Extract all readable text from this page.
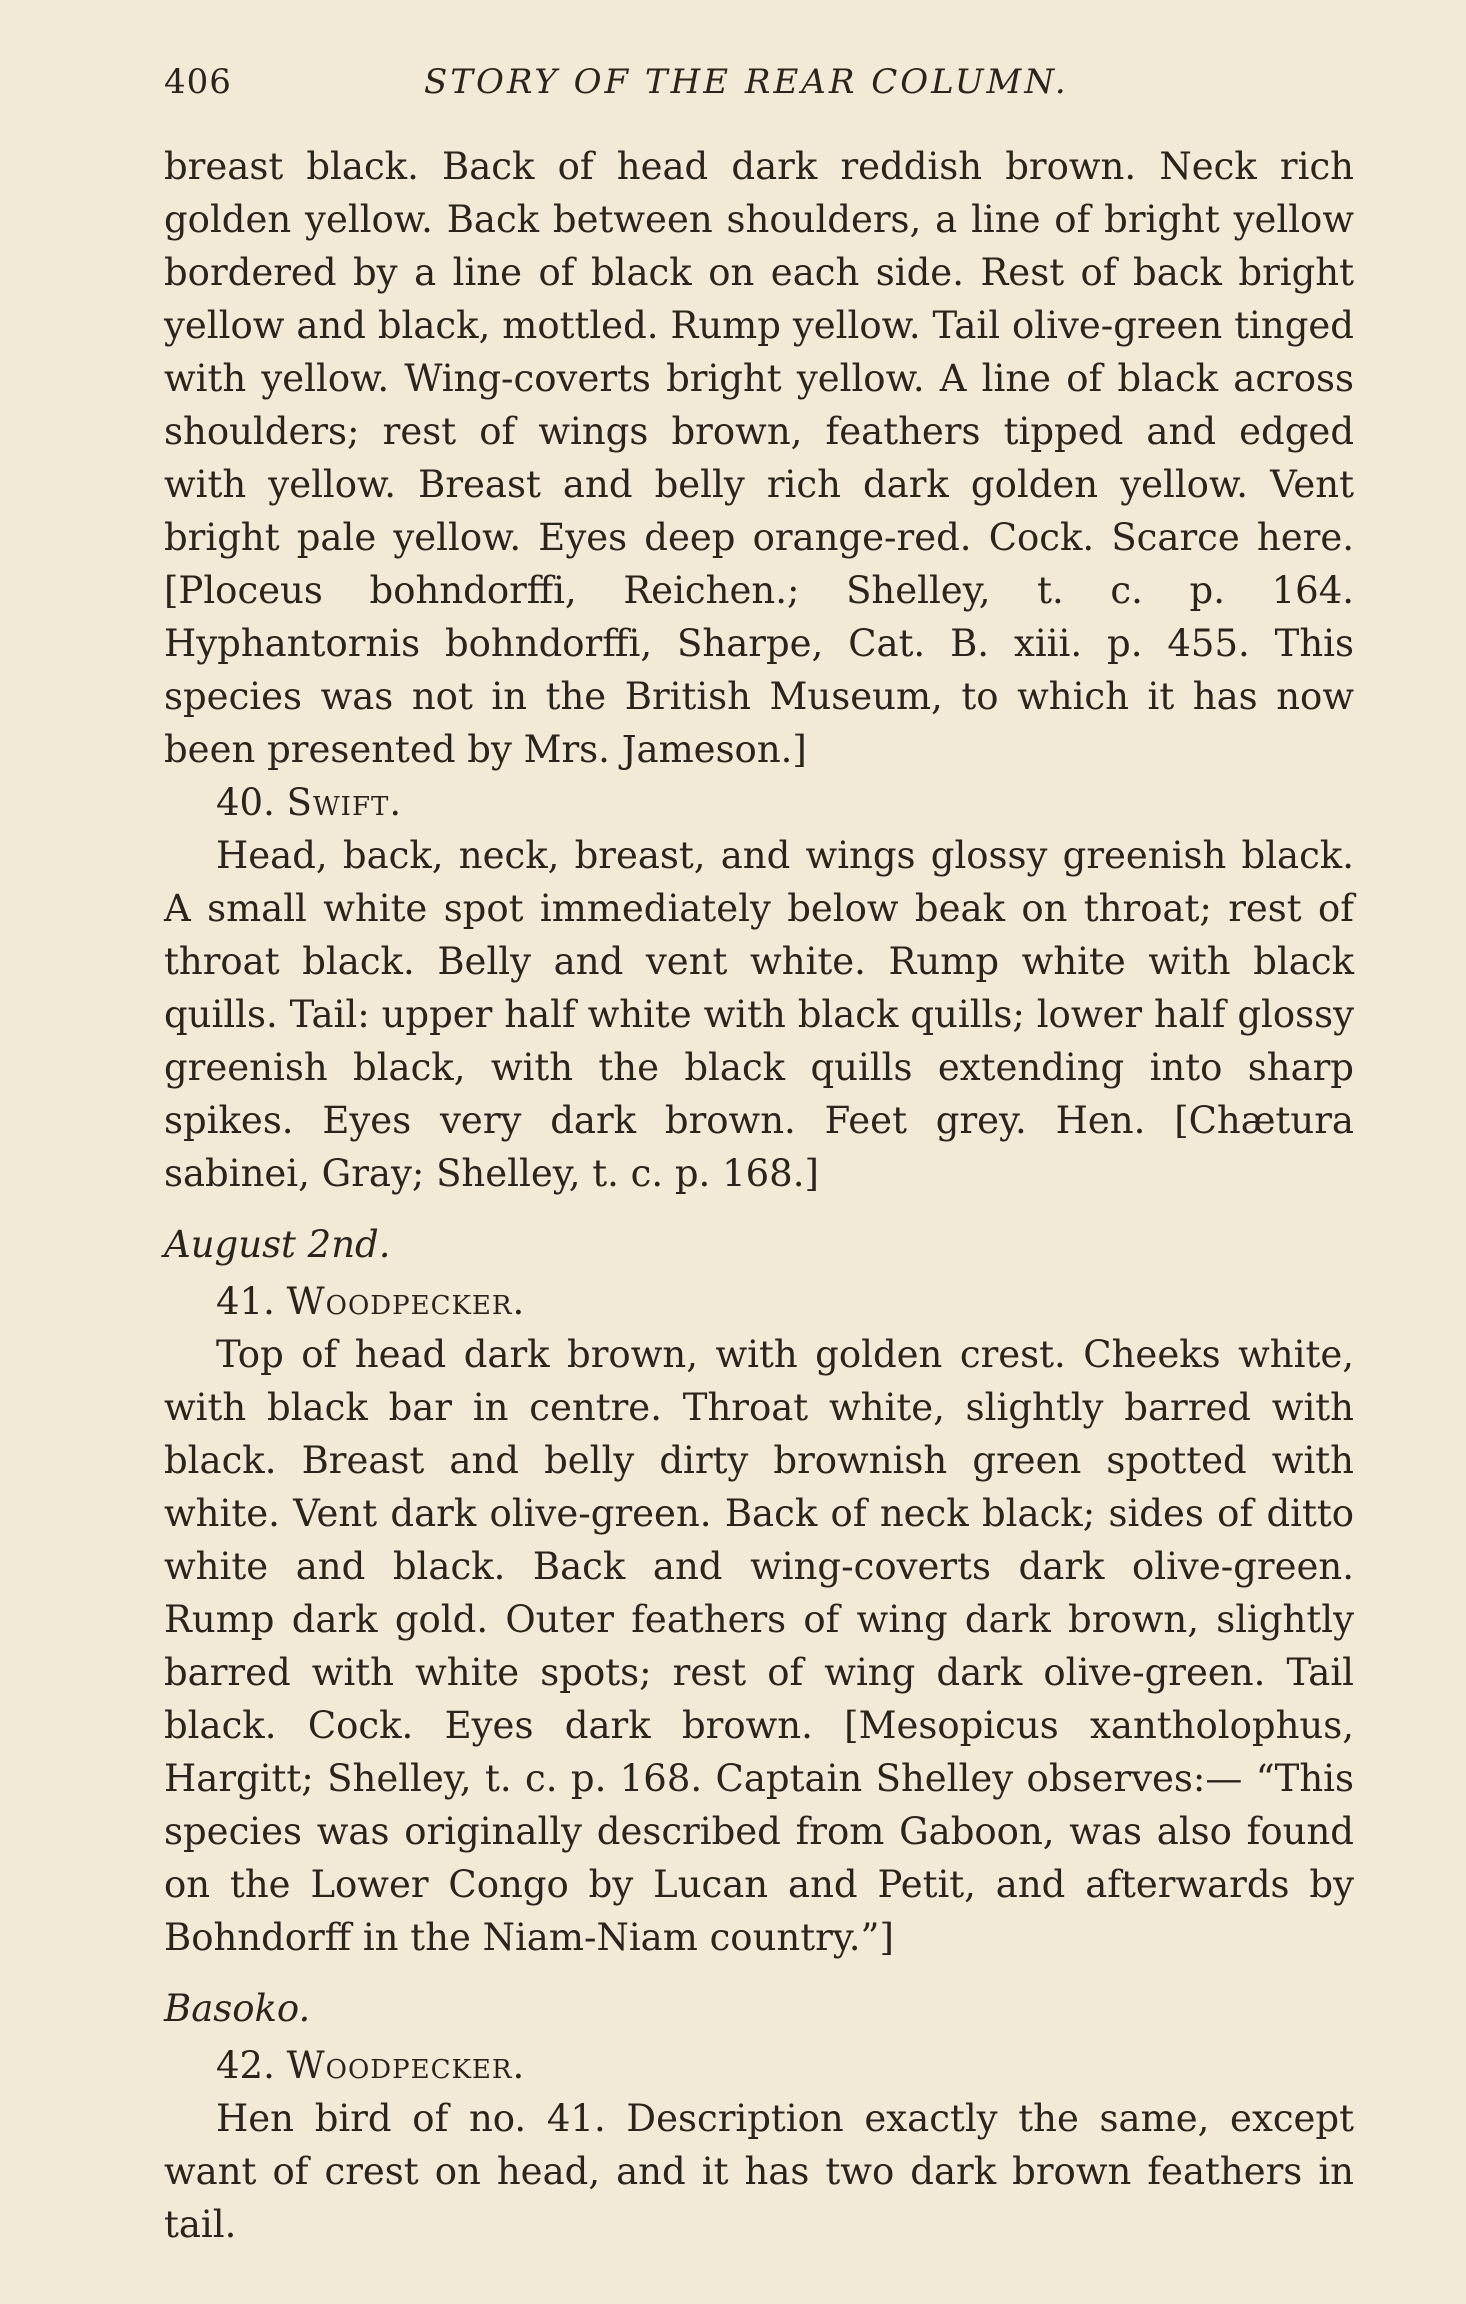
406	STORY OF THE REAR COLUMN.

breast black. Back of head dark reddish brown. Neck rich golden yellow. Back between shoulders, a line of bright yellow bordered by a line of black on each side. Rest of back bright yellow and black, mottled. Rump yellow. Tail olive-green tinged with yellow. Wing-coverts bright yellow. A line of black across shoulders; rest of wings brown, feathers tipped and edged with yellow. Breast and belly rich dark golden yellow. Vent bright pale yellow. Eyes deep orange-red. Cock. Scarce here. [Ploceus bohndorffi, Reichen.; Shelley, t. c. p. 164. Hyphantornis bohndorffi, Sharpe, Cat. B. xiii. p. 455. This species was not in the British Museum, to which it has now been presented by Mrs. Jameson.]

40. Swift.

Head, back, neck, breast, and wings glossy greenish black. A small white spot immediately below beak on throat; rest of throat black. Belly and vent white. Rump white with black quills. Tail: upper half white with black quills; lower half glossy greenish black, with the black quills extending into sharp spikes. Eyes very dark brown. Feet grey. Hen. [Chætura sabinei, Gray; Shelley, t. c. p. 168.]

August 2nd.

41. Woodpecker.

Top of head dark brown, with golden crest. Cheeks white, with black bar in centre. Throat white, slightly barred with black. Breast and belly dirty brownish green spotted with white. Vent dark olive-green. Back of neck black; sides of ditto white and black. Back and wing-coverts dark olive-green. Rump dark gold. Outer feathers of wing dark brown, slightly barred with white spots; rest of wing dark olive-green. Tail black. Cock. Eyes dark brown. [Mesopicus xantholophus, Hargitt; Shelley, t. c. p. 168. Captain Shelley observes:— “This species was originally described from Gaboon, was also found on the Lower Congo by Lucan and Petit, and afterwards by Bohndorff in the Niam-Niam country.”]

Basoko.

42. Woodpecker.

Hen bird of no. 41. Description exactly the same, except want of crest on head, and it has two dark brown feathers in tail.
